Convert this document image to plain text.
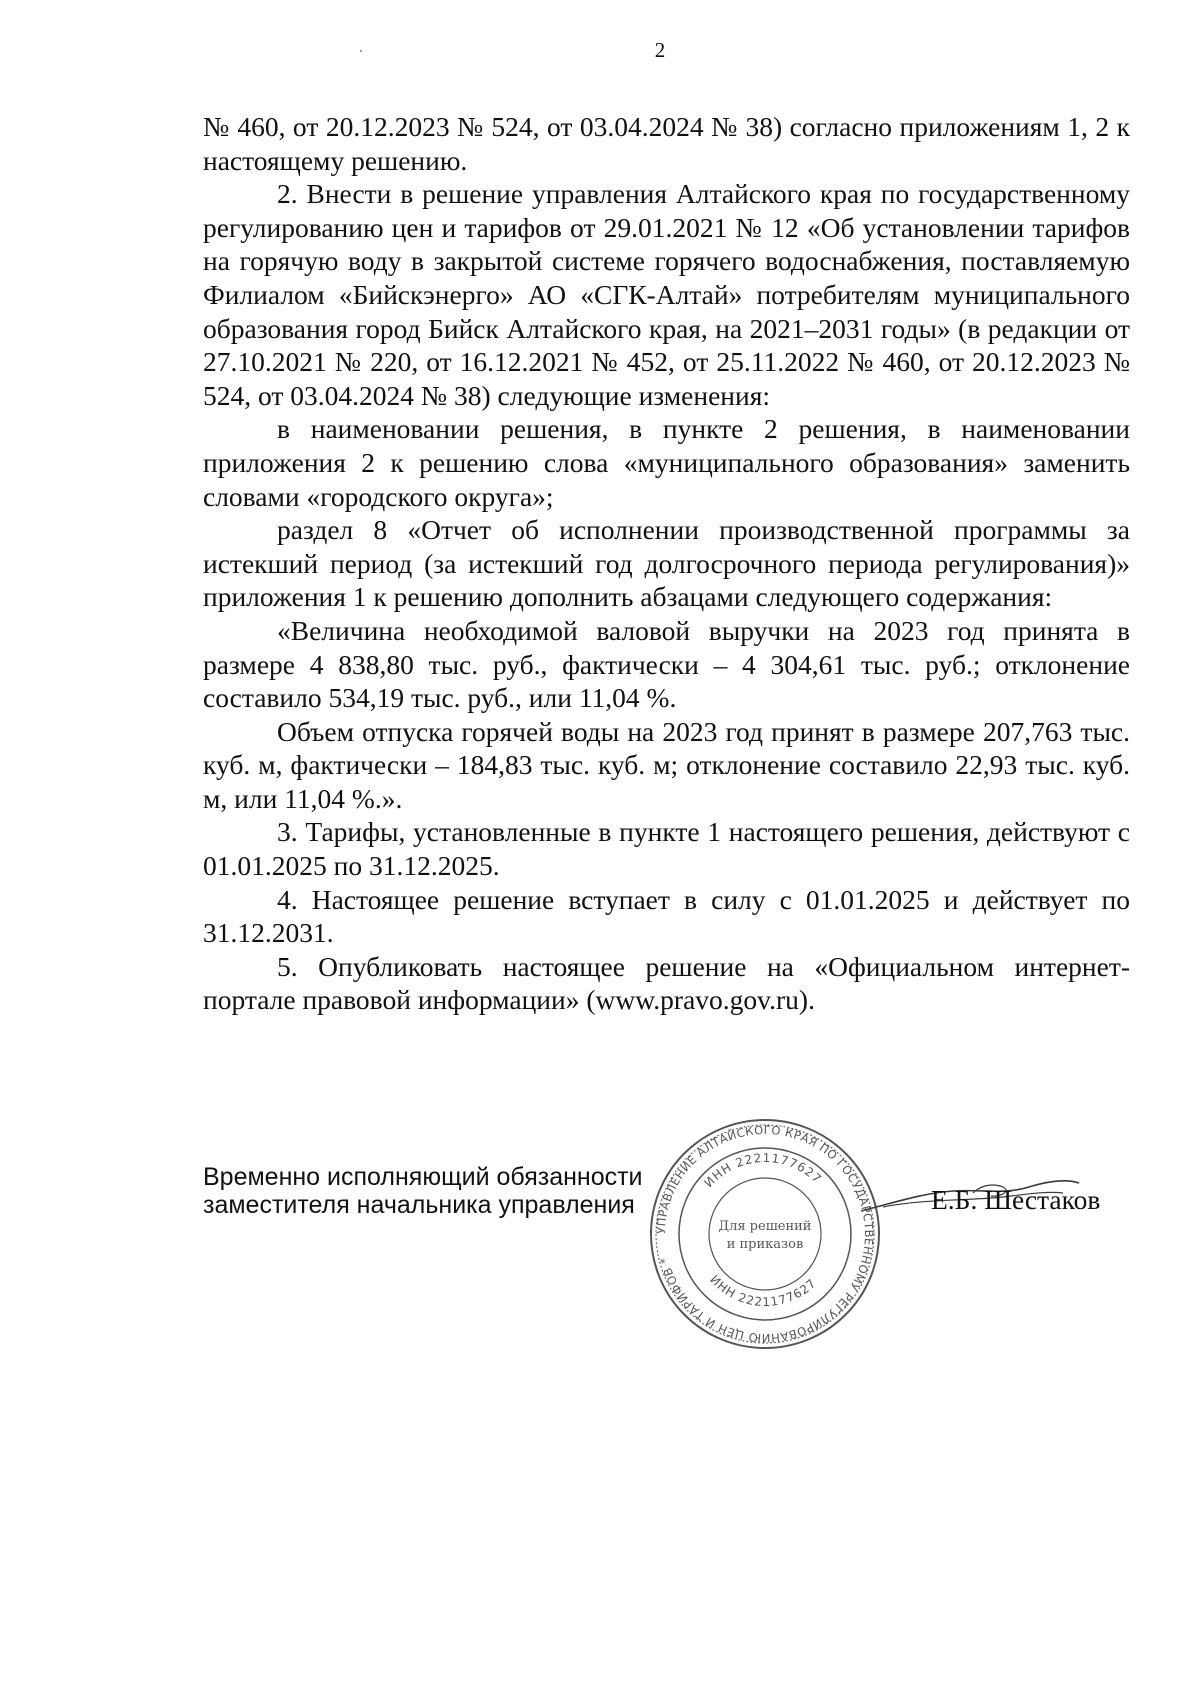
2

№ 460, от 20.12.2023 № 524, от 03.04.2024 № 38) согласно приложениям 1, 2 к настоящему решению.

2. Внести в решение управления Алтайского края по государственному регулированию цен и тарифов от 29.01.2021 № 12 «Об установлении тарифов на горячую воду в закрытой системе горячего водоснабжения, поставляемую Филиалом «Бийскэнерго» АО «СГК-Алтай» потребителям муниципального образования город Бийск Алтайского края, на 2021–2031 годы» (в редакции от 27.10.2021 № 220, от 16.12.2021 № 452, от 25.11.2022 № 460, от 20.12.2023 № 524, от 03.04.2024 № 38) следующие изменения:

в наименовании решения, в пункте 2 решения, в наименовании приложения 2 к решению слова «муниципального образования» заменить словами «городского округа»;

раздел 8 «Отчет об исполнении производственной программы за истекший период (за истекший год долгосрочного периода регулирования)» приложения 1 к решению дополнить абзацами следующего содержания:

«Величина необходимой валовой выручки на 2023 год принята в размере 4 838,80 тыс. руб., фактически – 4 304,61 тыс. руб.; отклонение составило 534,19 тыс. руб., или 11,04 %.

Объем отпуска горячей воды на 2023 год принят в размере 207,763 тыс. куб. м, фактически – 184,83 тыс. куб. м; отклонение составило 22,93 тыс. куб. м, или 11,04 %.».

3. Тарифы, установленные в пункте 1 настоящего решения, действуют с 01.01.2025 по 31.12.2025.

4. Настоящее решение вступает в силу с 01.01.2025 и действует по 31.12.2031.

5. Опубликовать настоящее решение на «Официальном интернет-портале правовой информации» (www.pravo.gov.ru).

Временно исполняющий обязанности
заместителя начальника управления
УПРАВЛЕНИЕ АЛТАЙСКОГО КРАЯ ПО ГОСУДАРСТВЕННОМУ РЕГУЛИРОВАНИЮ ЦЕН И ТАРИФОВ *
ИНН 2221177627
ИНН 2221177627
Для решений
и приказов
Е.Б. Шестаков
